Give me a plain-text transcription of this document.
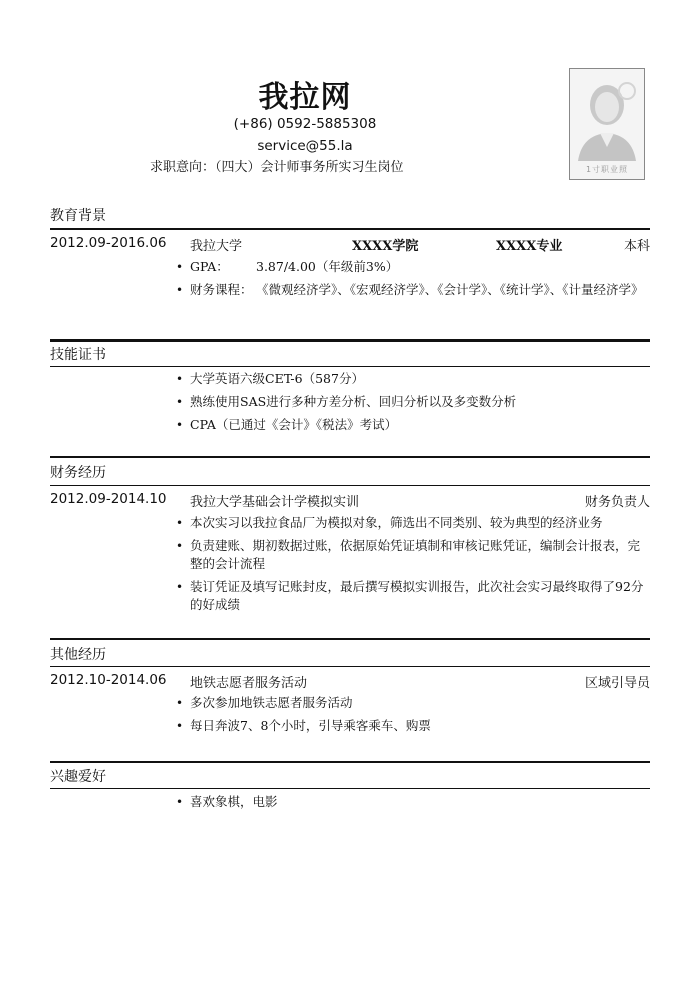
我拉网
(+86) 0592-5885308
service@55.la
求职意向：（四大）会计师事务所实习生岗位	1寸职业照
教育背景
2012.09-2016.06 我拉大学	XXXX学院	XXXX专业	本科
• GPA：	3.87/4.00（年级前3%）
• 财务课程： 《微观经济学》、《宏观经济学》、《会计学》、《统计学》、《计量经济学》
技能证书
• 大学英语六级CET-6（587分）
• 熟练使用SAS进行多种方差分析、回归分析以及多变数分析
• CPA（已通过《会计》《税法》考试）
财务经历
2012.09-2014.10 我拉大学基础会计学模拟实训	财务负责人
• 本次实习以我拉食品厂为模拟对象，筛选出不同类别、较为典型的经济业务
• 负责建账、期初数据过账，依据原始凭证填制和审核记账凭证，编制会计报表，完整的会计流程
• 装订凭证及填写记账封皮，最后撰写模拟实训报告，此次社会实习最终取得了92分的好成绩
其他经历
2012.10-2014.06 地铁志愿者服务活动	区域引导员
• 多次参加地铁志愿者服务活动
• 每日奔波7、8个小时，引导乘客乘车、购票
兴趣爱好
• 喜欢象棋，电影
